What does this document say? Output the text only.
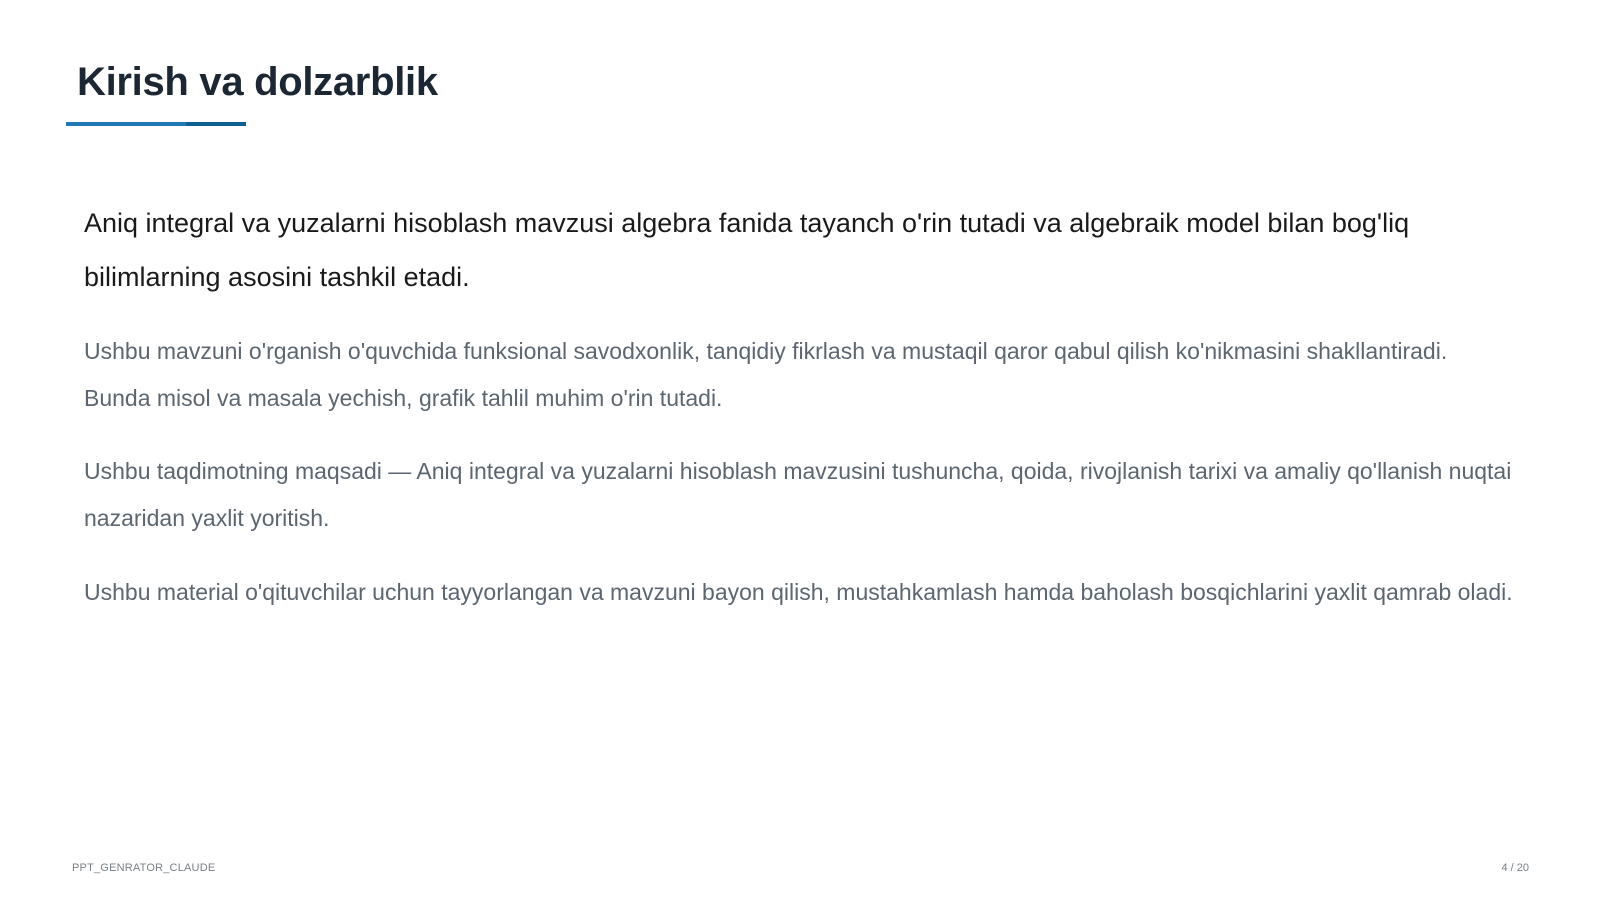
Kirish va dolzarblik

Aniq integral va yuzalarni hisoblash mavzusi algebra fanida tayanch o'rin tutadi va algebraik model bilan bog'liq bilimlarning asosini tashkil etadi.

Ushbu mavzuni o'rganish o'quvchida funksional savodxonlik, tanqidiy fikrlash va mustaqil qaror qabul qilish ko'nikmasini shakllantiradi. Bunda misol va masala yechish, grafik tahlil muhim o'rin tutadi.

Ushbu taqdimotning maqsadi — Aniq integral va yuzalarni hisoblash mavzusini tushuncha, qoida, rivojlanish tarixi va amaliy qo'llanish nuqtai nazaridan yaxlit yoritish.

Ushbu material o'qituvchilar uchun tayyorlangan va mavzuni bayon qilish, mustahkamlash hamda baholash bosqichlarini yaxlit qamrab oladi.

PPT_GENRATOR_CLAUDE	4 / 20
